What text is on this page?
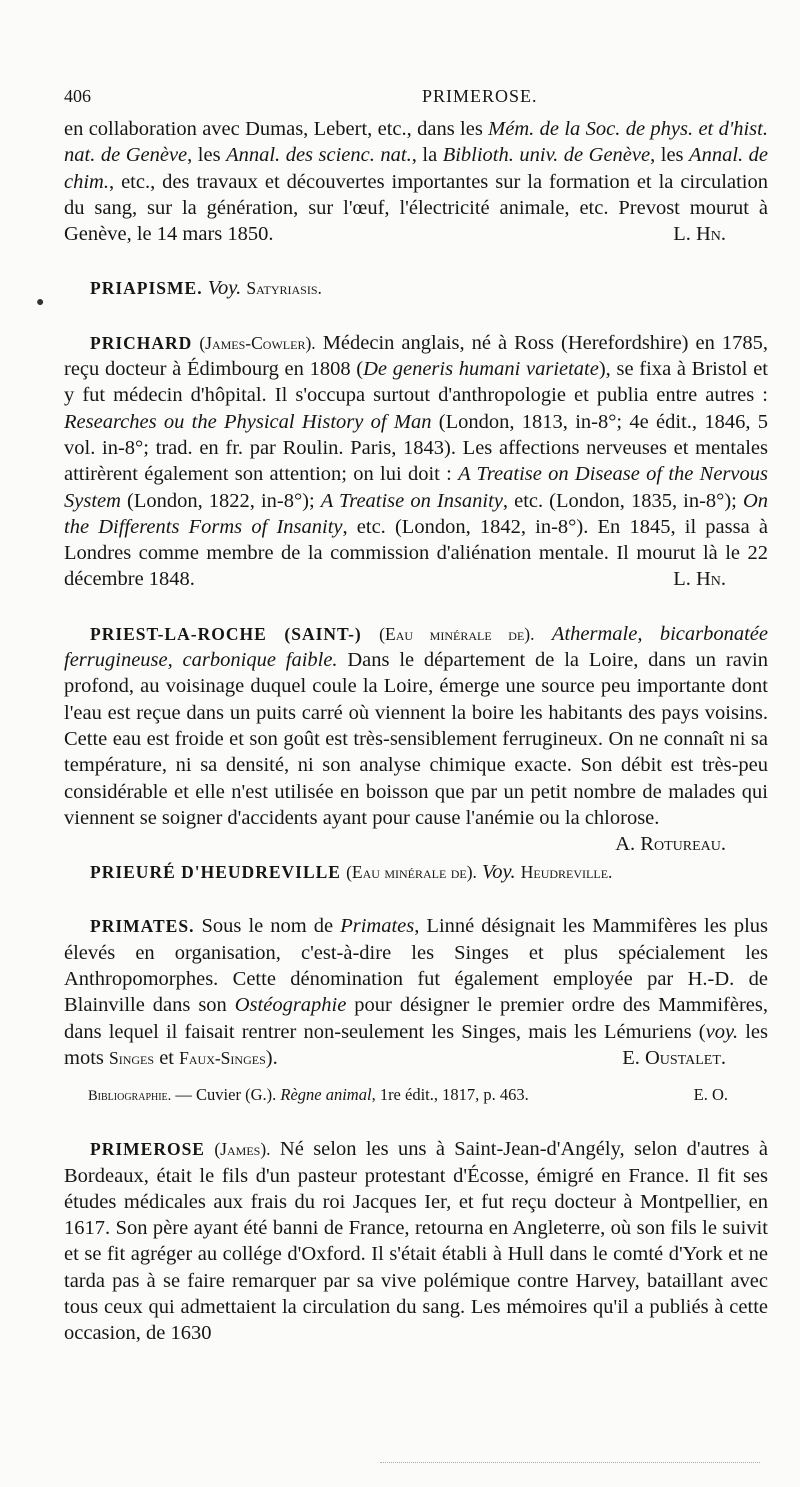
406	PRIMEROSE.
●

en collaboration avec Dumas, Lebert, etc., dans les Mém. de la Soc. de phys. et d'hist. nat. de Genève, les Annal. des scienc. nat., la Biblioth. univ. de Genève, les Annal. de chim., etc., des travaux et découvertes importantes sur la formation et la circulation du sang, sur la génération, sur l'œuf, l'électricité animale, etc. Prevost mourut à Genève, le 14 mars 1850.	L. Hn.

PRIAPISME. Voy. Satyriasis.

PRICHARD (James-Cowler). Médecin anglais, né à Ross (Herefordshire) en 1785, reçu docteur à Édimbourg en 1808 (De generis humani varietate), se fixa à Bristol et y fut médecin d'hôpital. Il s'occupa surtout d'anthropologie et publia entre autres : Researches ou the Physical History of Man (London, 1813, in-8°; 4e édit., 1846, 5 vol. in-8°; trad. en fr. par Roulin. Paris, 1843). Les affections nerveuses et mentales attirèrent également son attention; on lui doit : A Treatise on Disease of the Nervous System (London, 1822, in-8°); A Treatise on Insanity, etc. (London, 1835, in-8°); On the Differents Forms of Insanity, etc. (London, 1842, in-8°). En 1845, il passa à Londres comme membre de la commission d'aliénation mentale. Il mourut là le 22 décembre 1848.	L. Hn.

PRIEST-LA-ROCHE (SAINT-) (Eau minérale de). Athermale, bicarbonatée ferrugineuse, carbonique faible. Dans le département de la Loire, dans un ravin profond, au voisinage duquel coule la Loire, émerge une source peu importante dont l'eau est reçue dans un puits carré où viennent la boire les habitants des pays voisins. Cette eau est froide et son goût est très-sensiblement ferrugineux. On ne connaît ni sa température, ni sa densité, ni son analyse chimique exacte. Son débit est très-peu considérable et elle n'est utilisée en boisson que par un petit nombre de malades qui viennent se soigner d'accidents ayant pour cause l'anémie ou la chlorose.
A. Rotureau.

PRIEURÉ D'HEUDREVILLE (Eau minérale de). Voy. Heudreville.

PRIMATES. Sous le nom de Primates, Linné désignait les Mammifères les plus élevés en organisation, c'est-à-dire les Singes et plus spécialement les Anthropomorphes. Cette dénomination fut également employée par H.-D. de Blainville dans son Ostéographie pour désigner le premier ordre des Mammifères, dans lequel il faisait rentrer non-seulement les Singes, mais les Lémuriens (voy. les mots Singes et Faux-Singes).	E. Oustalet.

Bibliographie. — Cuvier (G.). Règne animal, 1re édit., 1817, p. 463.	E. O.

PRIMEROSE (James). Né selon les uns à Saint-Jean-d'Angély, selon d'autres à Bordeaux, était le fils d'un pasteur protestant d'Écosse, émigré en France. Il fit ses études médicales aux frais du roi Jacques Ier, et fut reçu docteur à Montpellier, en 1617. Son père ayant été banni de France, retourna en Angleterre, où son fils le suivit et se fit agréger au collége d'Oxford. Il s'était établi à Hull dans le comté d'York et ne tarda pas à se faire remarquer par sa vive polémique contre Harvey, bataillant avec tous ceux qui admettaient la circulation du sang. Les mémoires qu'il a publiés à cette occasion, de 1630
